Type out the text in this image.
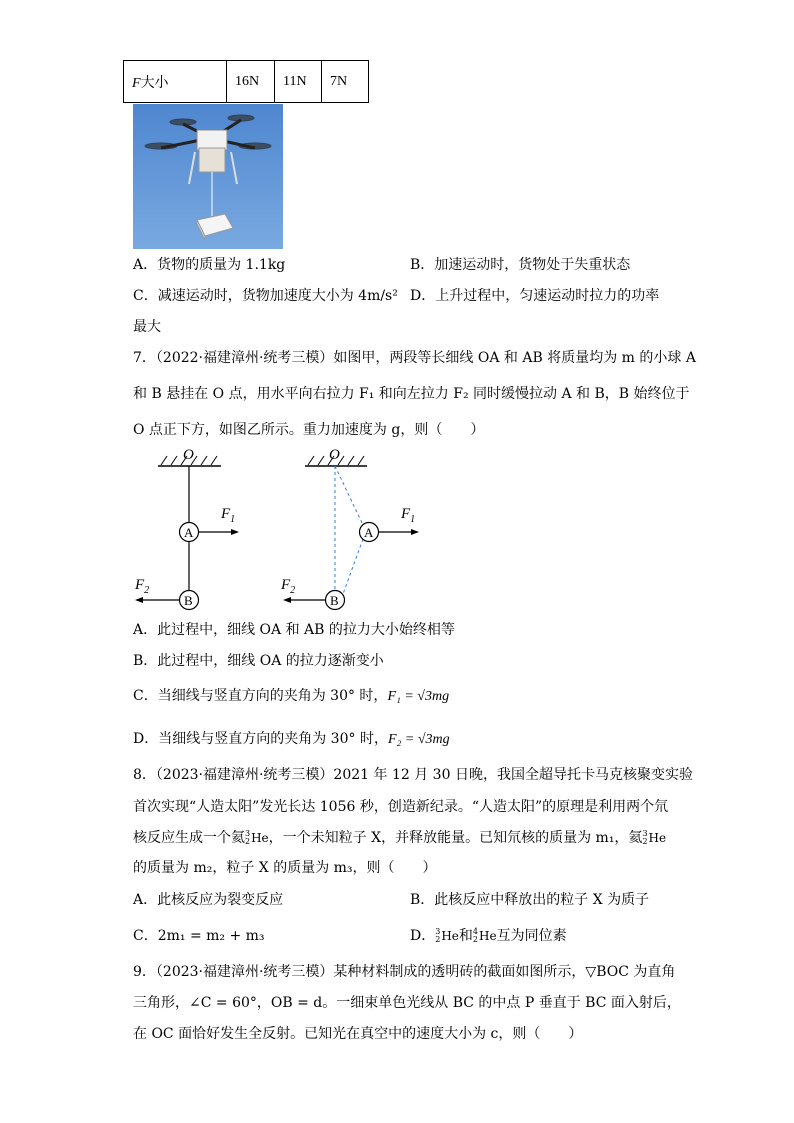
F大小	16N	11N	7N
A．货物的质量为 1.1kg	B．加速运动时，货物处于失重状态
C．减速运动时，货物加速度大小为 4m/s² D．上升过程中，匀速运动时拉力的功率
最大
7．（2022·福建漳州·统考三模）如图甲，两段等长细线 OA 和 AB 将质量均为 m 的小球 A
和 B 悬挂在 O 点，用水平向右拉力 F₁ 和向左拉力 F₂ 同时缓慢拉动 A 和 B，B 始终位于
O 点正下方，如图乙所示。重力加速度为 g，则（　　）
O
A
B
$F_1$
$F_2$
O
A
B
$F_1$
$F_2$
A．此过程中，细线 OA 和 AB 的拉力大小始终相等
B．此过程中，细线 OA 的拉力逐渐变小
C．当细线与竖直方向的夹角为 30° 时，F₁ = √3mg
D．当细线与竖直方向的夹角为 30° 时，F₂ = √3mg
8．（2023·福建漳州·统考三模）2021 年 12 月 30 日晚，我国全超导托卡马克核聚变实验
首次实现“人造太阳”发光长达 1056 秒，创造新纪录。“人造太阳”的原理是利用两个氘
核反应生成一个氦 3
2 He，一个未知粒子 X，并释放能量。已知氘核的质量为 m₁，氦 3
2 He
的质量为 m₂，粒子 X 的质量为 m₃，则（　　）
A．此核反应为裂变反应	B．此核反应中释放出的粒子 X 为质子
C．2m₁ = m₂ + m₃	D． 3
2 He和 4
2 He互为同位素
9．（2023·福建漳州·统考三模）某种材料制成的透明砖的截面如图所示，▽BOC 为直角
三角形，∠C = 60°，OB = d。一细束单色光线从 BC 的中点 P 垂直于 BC 面入射后，
在 OC 面恰好发生全反射。已知光在真空中的速度大小为 c，则（　　）
